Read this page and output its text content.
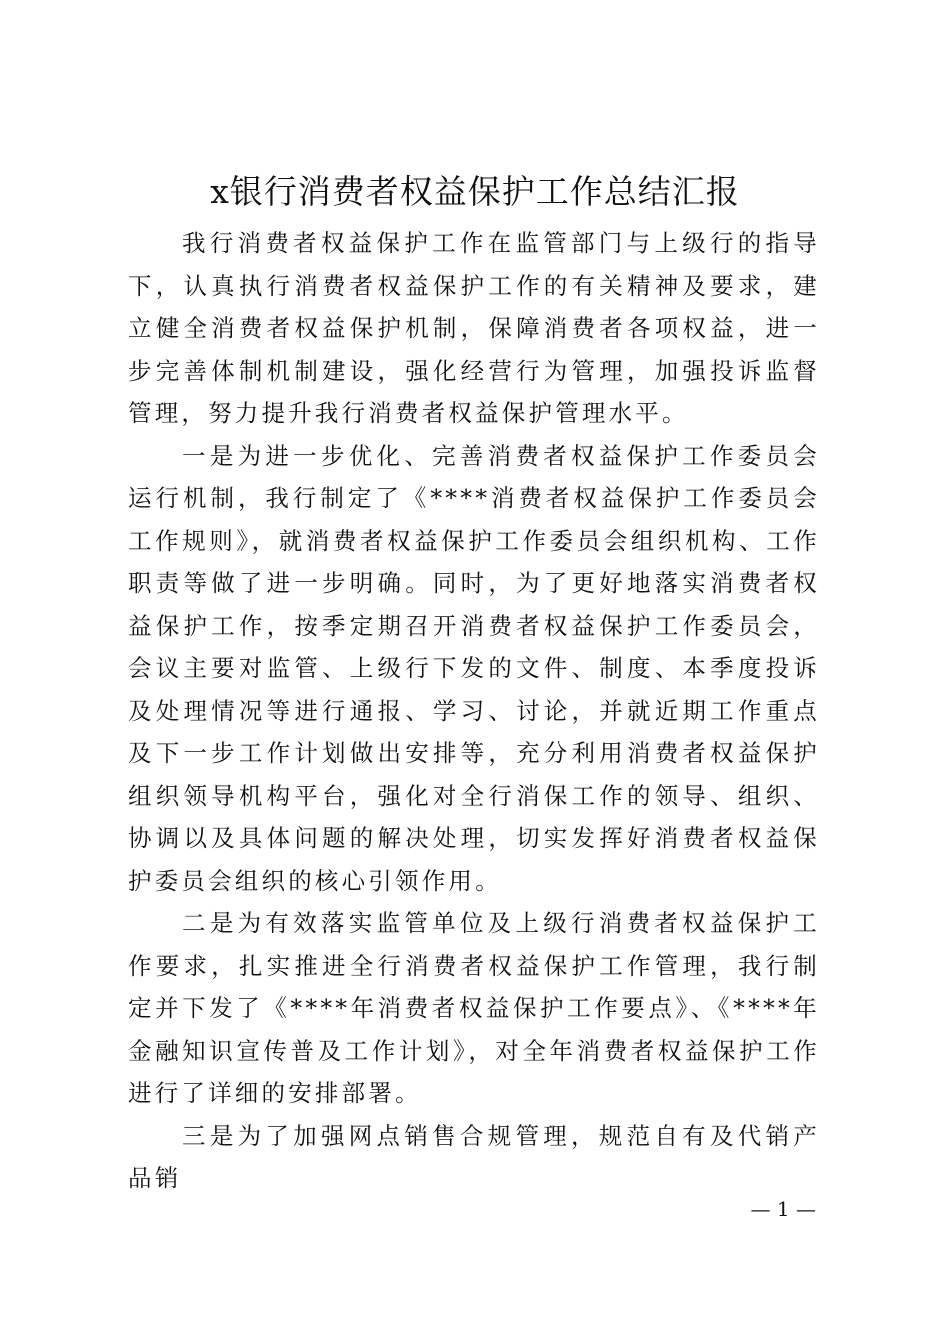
x银行消费者权益保护工作总结汇报

我行消费者权益保护工作在监管部门与上级行的指导下，认真执行消费者权益保护工作的有关精神及要求，建立健全消费者权益保护机制，保障消费者各项权益，进一步完善体制机制建设，强化经营行为管理，加强投诉监督管理，努力提升我行消费者权益保护管理水平。

一是为进一步优化、完善消费者权益保护工作委员会运行机制，我行制定了《****消费者权益保护工作委员会工作规则》，就消费者权益保护工作委员会组织机构、工作职责等做了进一步明确。同时，为了更好地落实消费者权益保护工作，按季定期召开消费者权益保护工作委员会，会议主要对监管、上级行下发的文件、制度、本季度投诉及处理情况等进行通报、学习、讨论，并就近期工作重点及下一步工作计划做出安排等，充分利用消费者权益保护组织领导机构平台，强化对全行消保工作的领导、组织、协调以及具体问题的解决处理，切实发挥好消费者权益保护委员会组织的核心引领作用。

二是为有效落实监管单位及上级行消费者权益保护工作要求，扎实推进全行消费者权益保护工作管理，我行制定并下发了《****年消费者权益保护工作要点》、《****年金融知识宣传普及工作计划》，对全年消费者权益保护工作进行了详细的安排部署。

三是为了加强网点销售合规管理，规范自有及代销产品销

— 1 —
